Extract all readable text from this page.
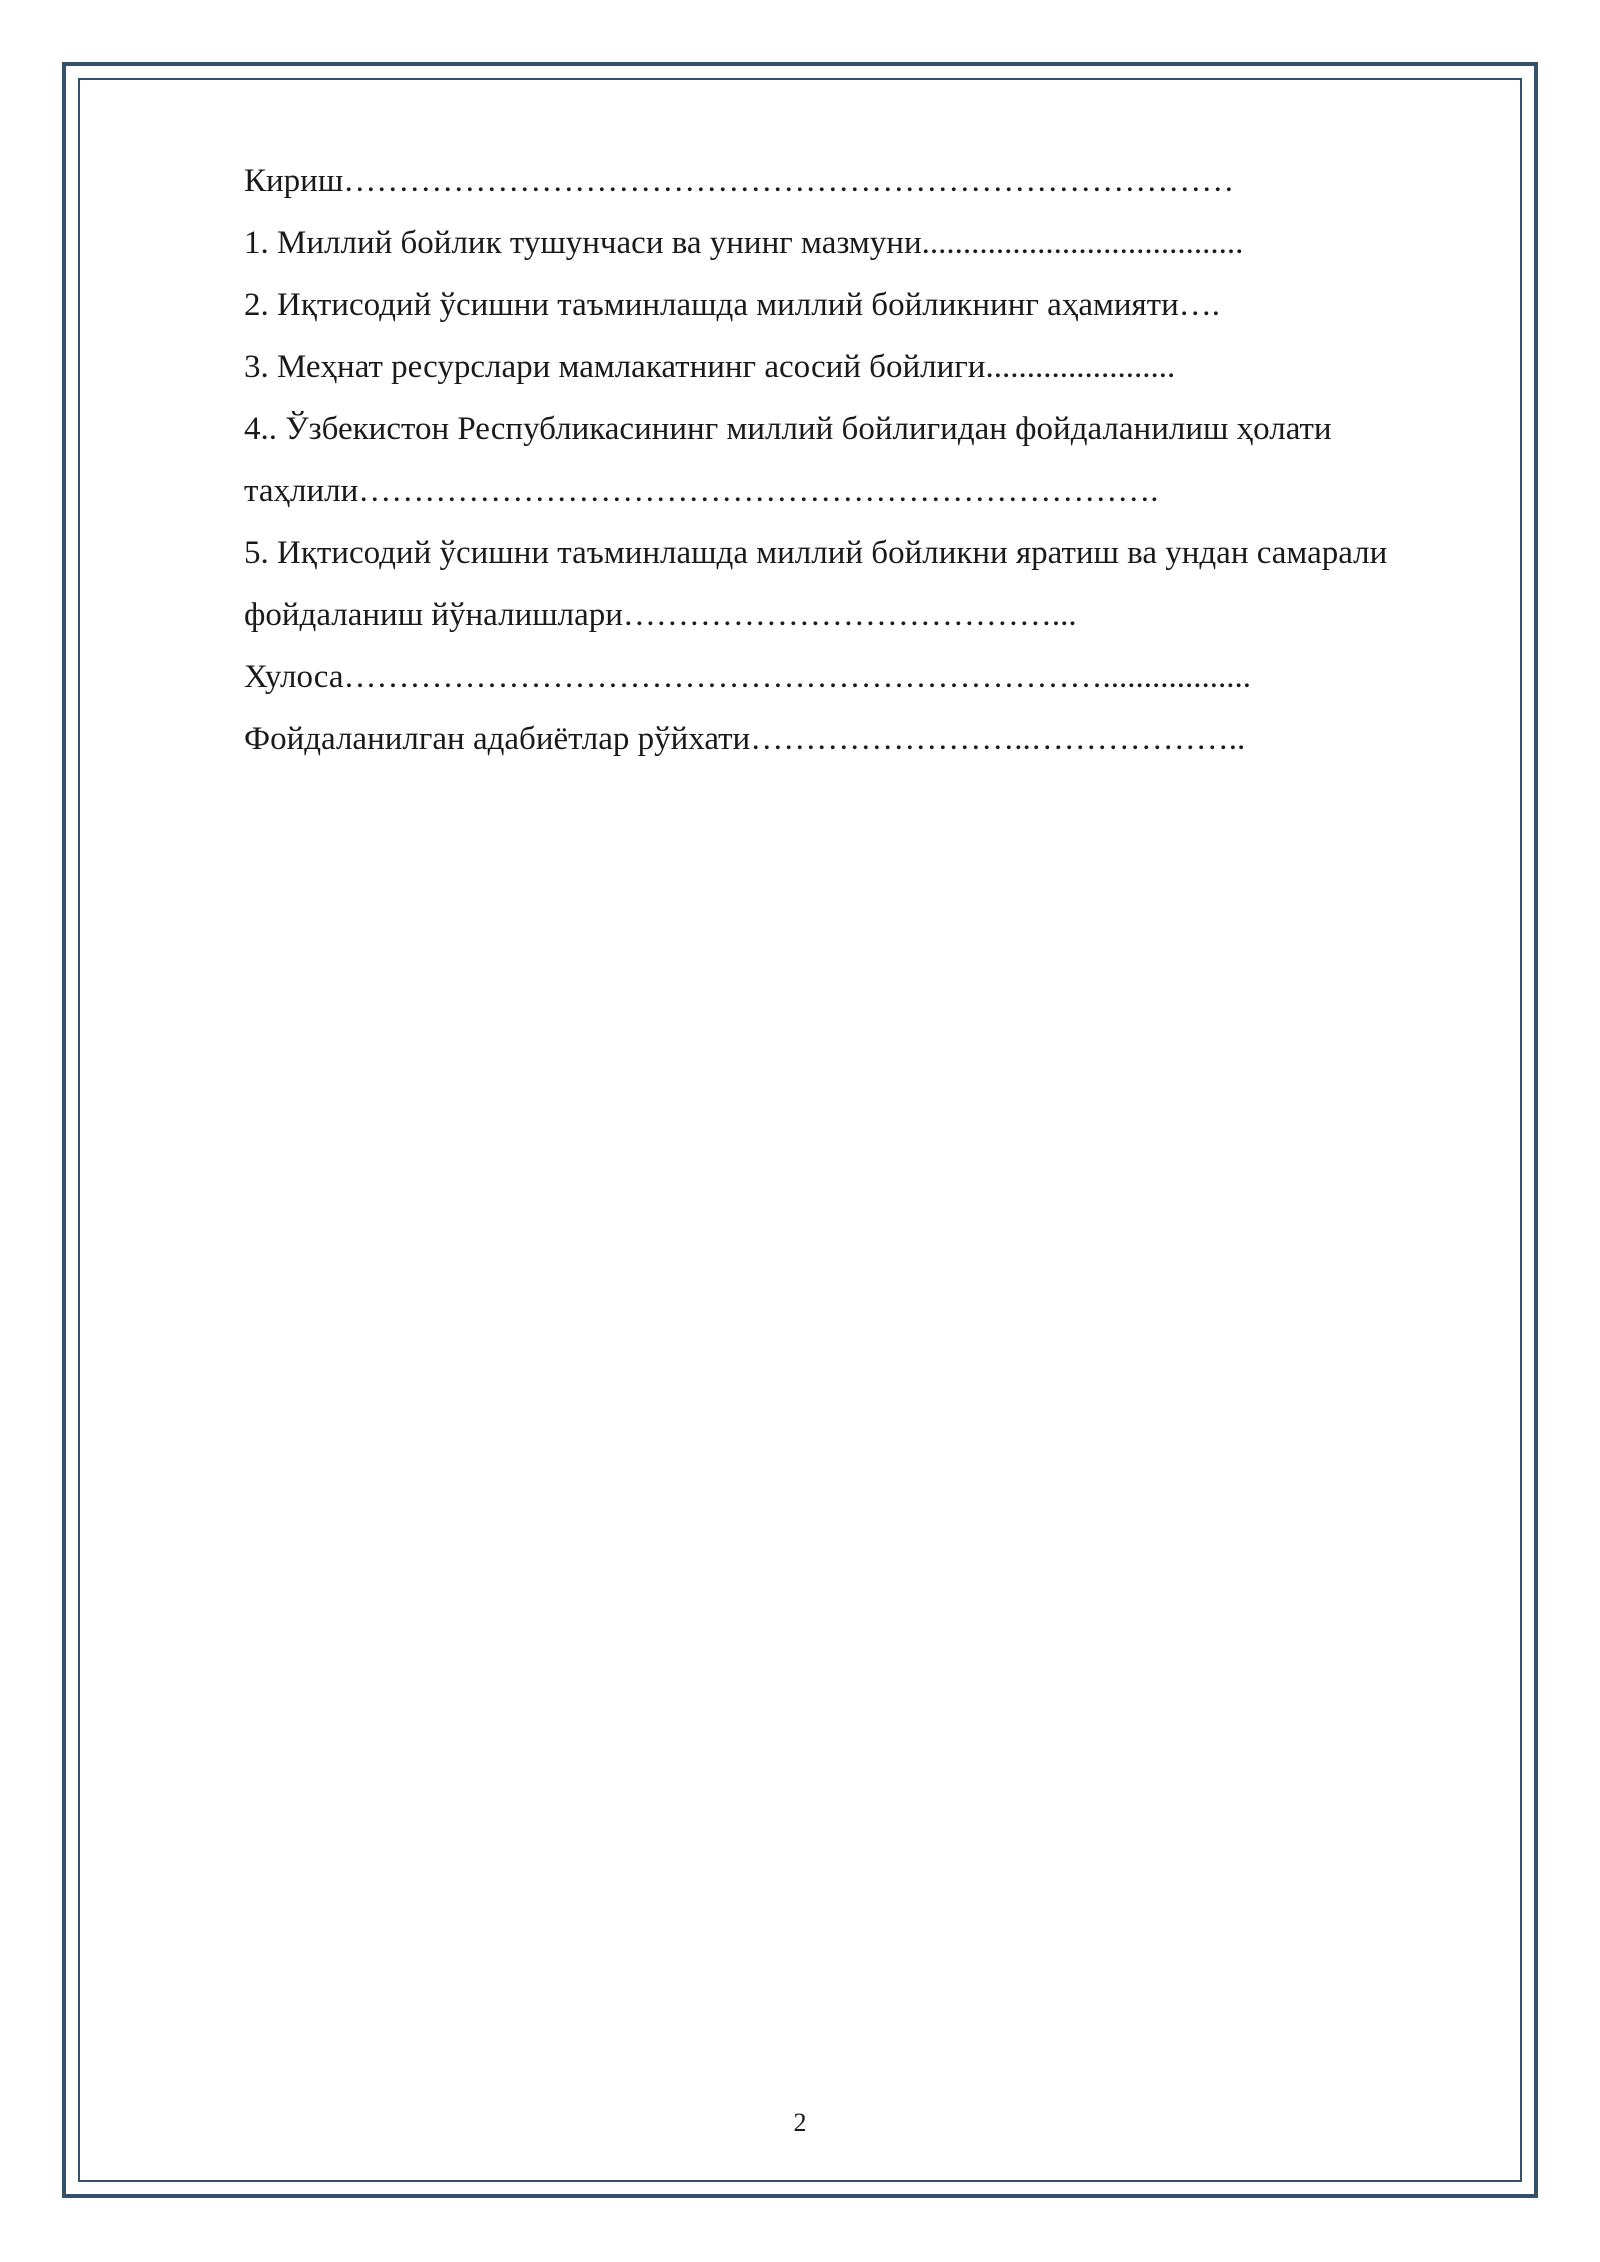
Кириш………………………………………………………………………

1. Миллий бойлик тушунчаси ва унинг мазмуни.......................................

2. Иқтисодий ўсишни таъминлашда миллий бойликнинг аҳамияти….

3. Меҳнат ресурслари мамлакатнинг асосий бойлиги.......................

4.. Ўзбекистон Республикасининг миллий бойлигидан фойдаланилиш ҳолати таҳлили……………………………………………………………….

5. Иқтисодий ўсишни таъминлашда миллий бойликни яратиш ва ундан самарали фойдаланиш йўналишлари…………………………………...

Хулоса……………………………………………………………..................

Фойдаланилган адабиётлар рўйхати……………………..………………..

2
